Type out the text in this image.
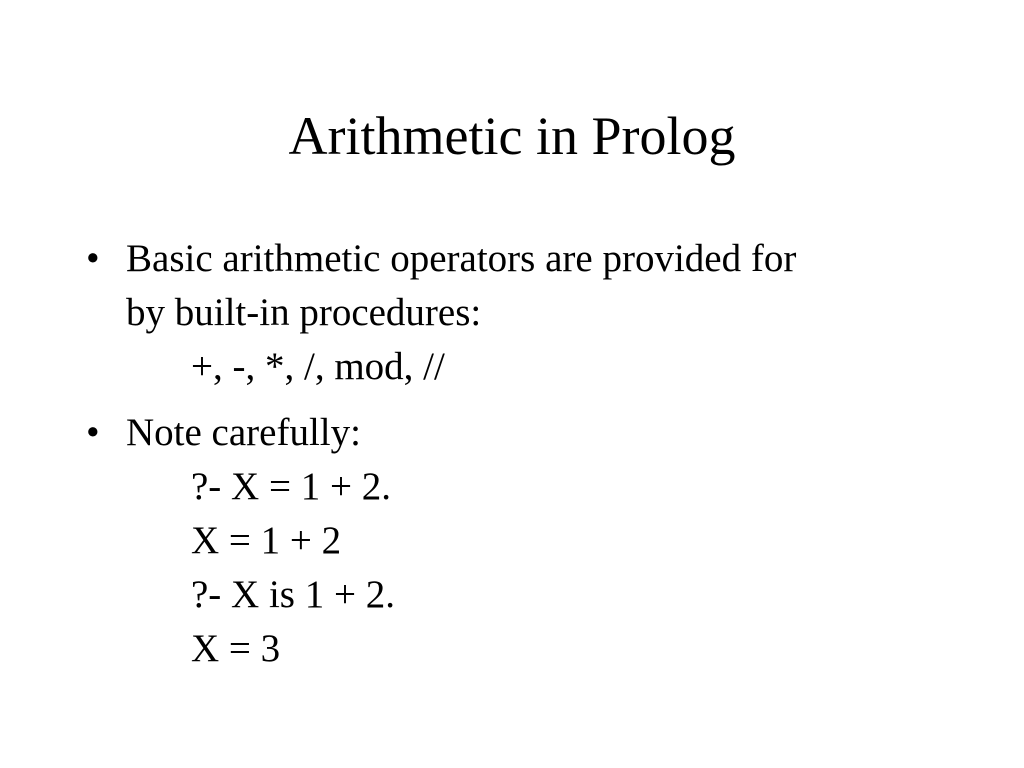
Arithmetic in Prolog
• Basic arithmetic operators are provided for
by built-in procedures:
+, -, *, /, mod, //
• Note carefully:
?- X = 1 + 2.
X = 1 + 2
?- X is 1 + 2.
X = 3
